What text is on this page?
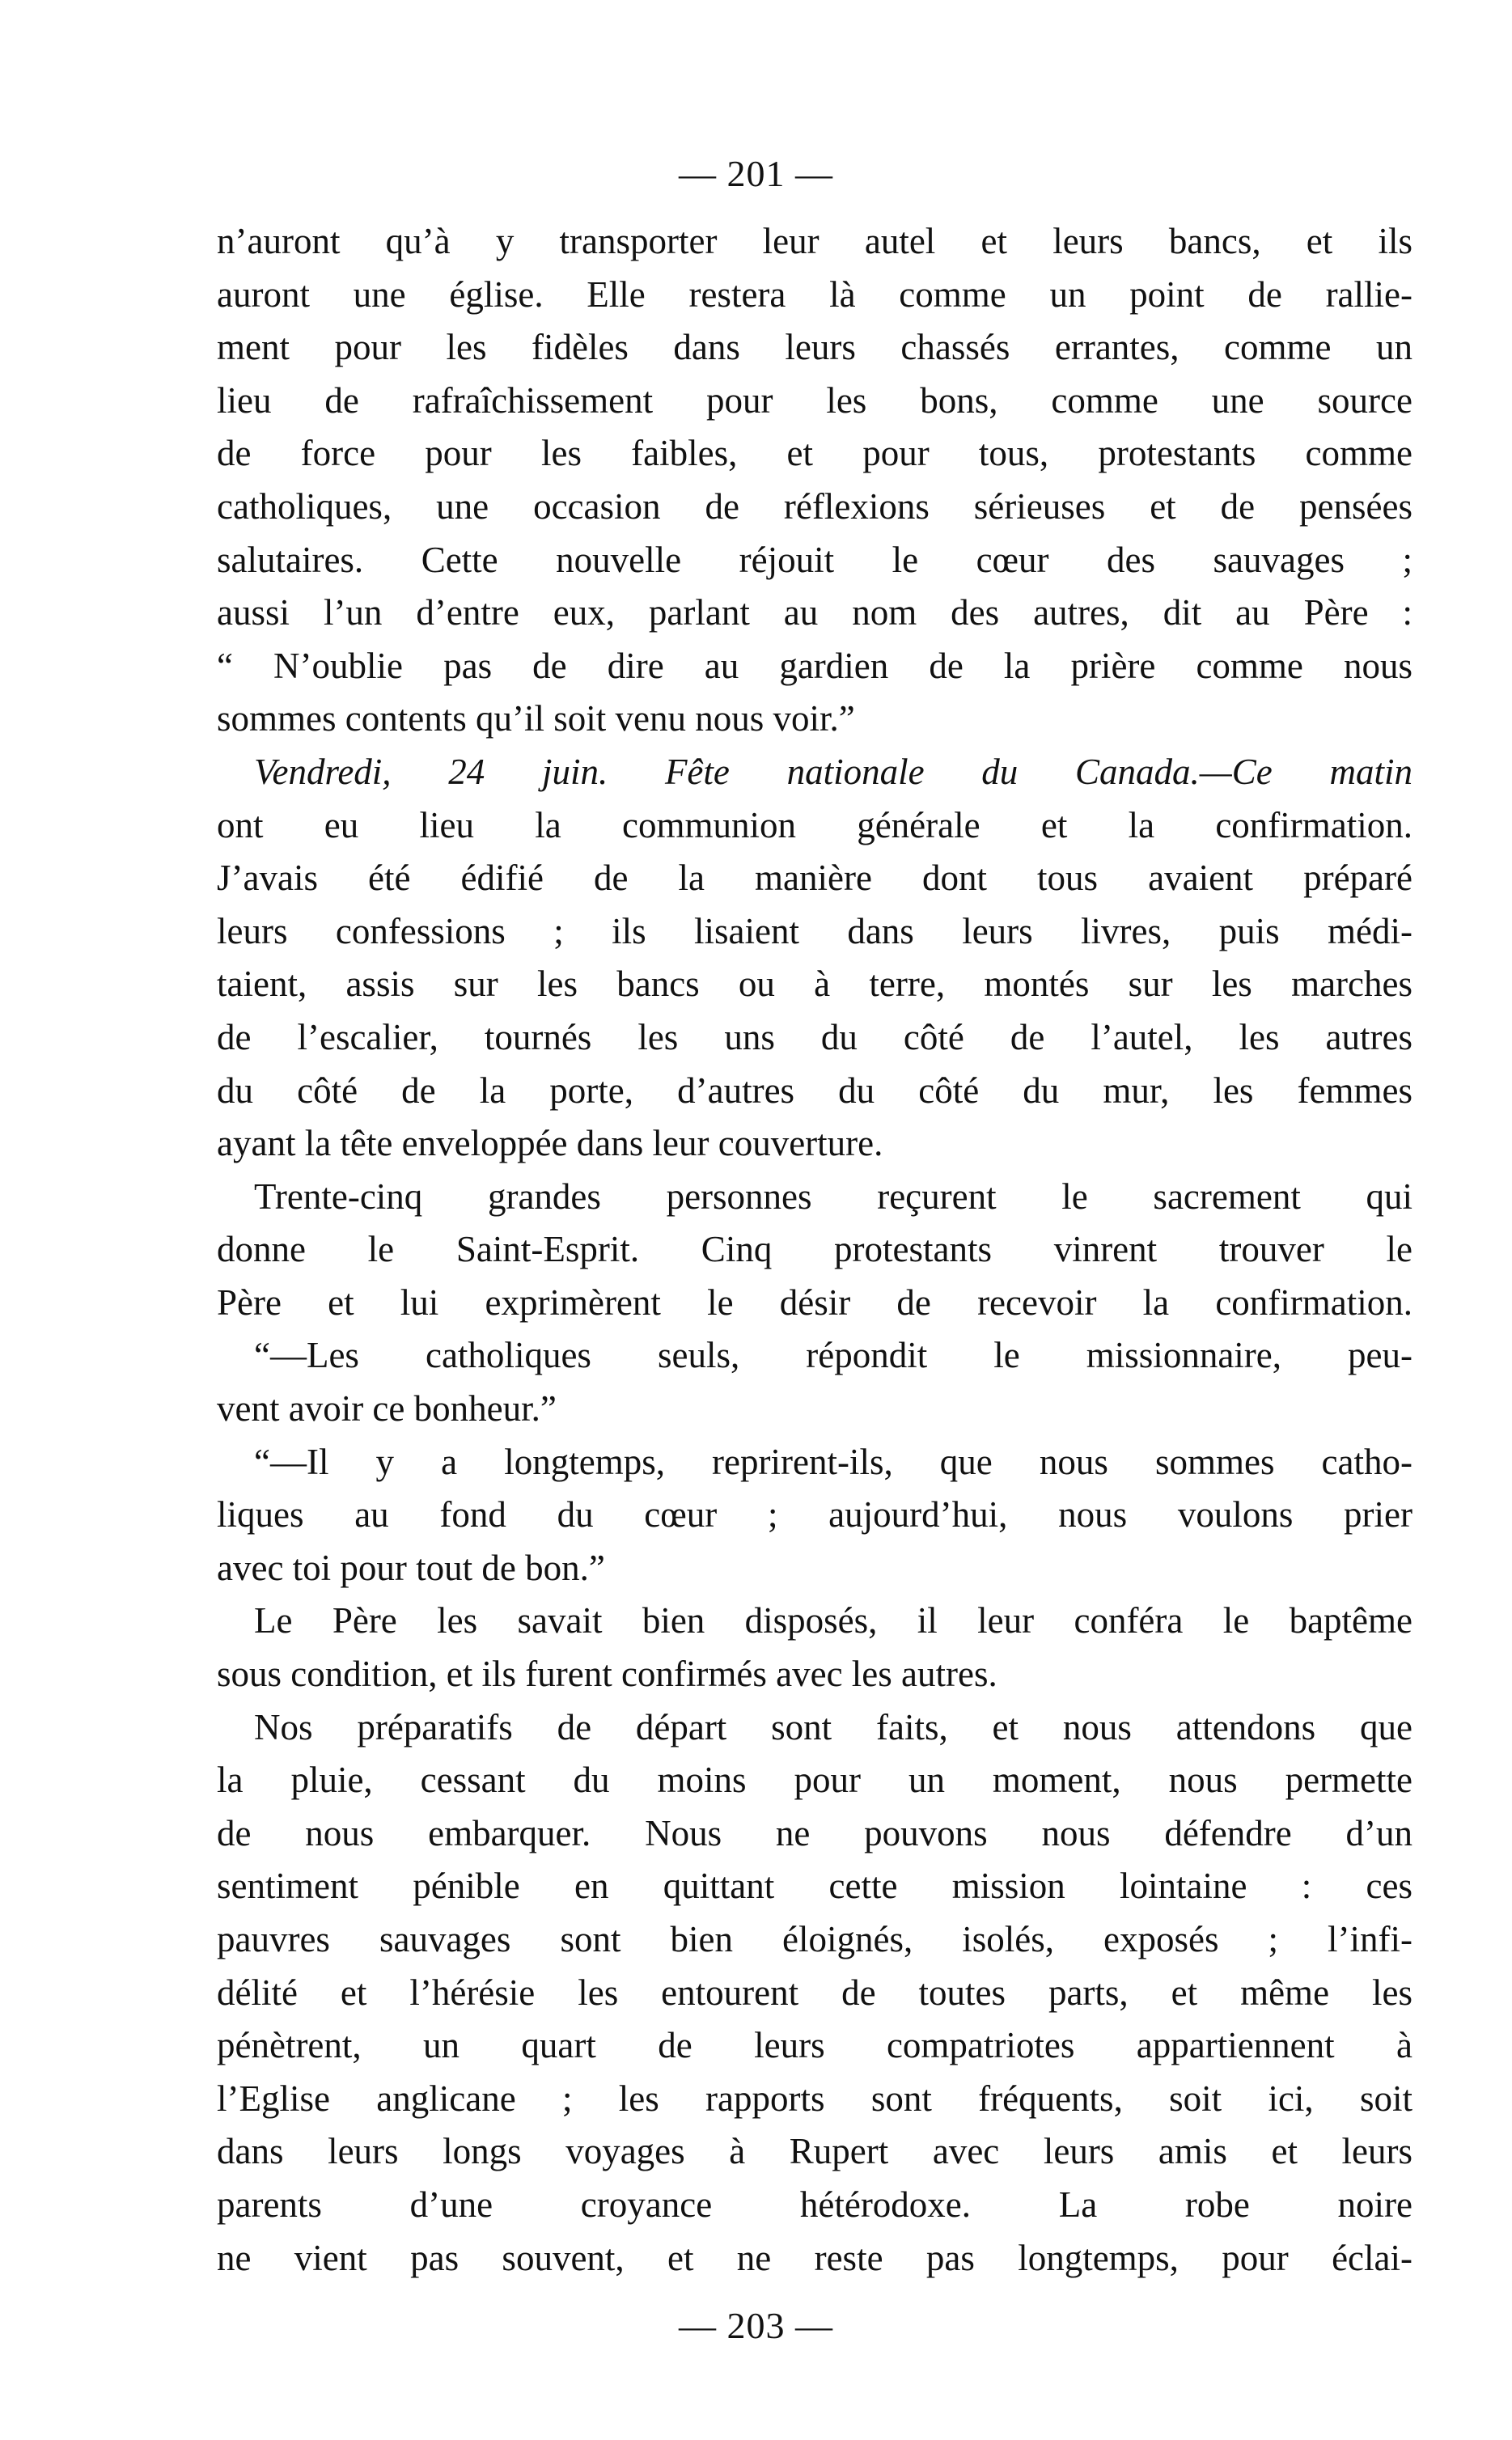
— 201 —
n’auront qu’à y transporter leur autel et leurs bancs, et ils
auront une église. Elle restera là comme un point de rallie-
ment pour les fidèles dans leurs chassés errantes, comme un
lieu de rafraîchissement pour les bons, comme une source
de force pour les faibles, et pour tous, protestants comme
catholiques, une occasion de réflexions sérieuses et de pensées
salutaires. Cette nouvelle réjouit le cœur des sauvages ;
aussi l’un d’entre eux, parlant au nom des autres, dit au Père :
“ N’oublie pas de dire au gardien de la prière comme nous
sommes contents qu’il soit venu nous voir.”
Vendredi, 24 juin. Fête nationale du Canada.—Ce matin
ont eu lieu la communion générale et la confirmation.
J’avais été édifié de la manière dont tous avaient préparé
leurs confessions ; ils lisaient dans leurs livres, puis médi-
taient, assis sur les bancs ou à terre, montés sur les marches
de l’escalier, tournés les uns du côté de l’autel, les autres
du côté de la porte, d’autres du côté du mur, les femmes
ayant la tête enveloppée dans leur couverture.
Trente-cinq grandes personnes reçurent le sacrement qui
donne le Saint-Esprit. Cinq protestants vinrent trouver le
Père et lui exprimèrent le désir de recevoir la confirmation.
“—Les catholiques seuls, répondit le missionnaire, peu-
vent avoir ce bonheur.”
“—Il y a longtemps, reprirent-ils, que nous sommes catho-
liques au fond du cœur ; aujourd’hui, nous voulons prier
avec toi pour tout de bon.”
Le Père les savait bien disposés, il leur conféra le baptême
sous condition, et ils furent confirmés avec les autres.
Nos préparatifs de départ sont faits, et nous attendons que
la pluie, cessant du moins pour un moment, nous permette
de nous embarquer. Nous ne pouvons nous défendre d’un
sentiment pénible en quittant cette mission lointaine : ces
pauvres sauvages sont bien éloignés, isolés, exposés ; l’infi-
délité et l’hérésie les entourent de toutes parts, et même les
pénètrent, un quart de leurs compatriotes appartiennent à
l’Eglise anglicane ; les rapports sont fréquents, soit ici, soit
dans leurs longs voyages à Rupert avec leurs amis et leurs
parents d’une croyance hétérodoxe. La robe noire
ne vient pas souvent, et ne reste pas longtemps, pour éclai-
— 203 —
